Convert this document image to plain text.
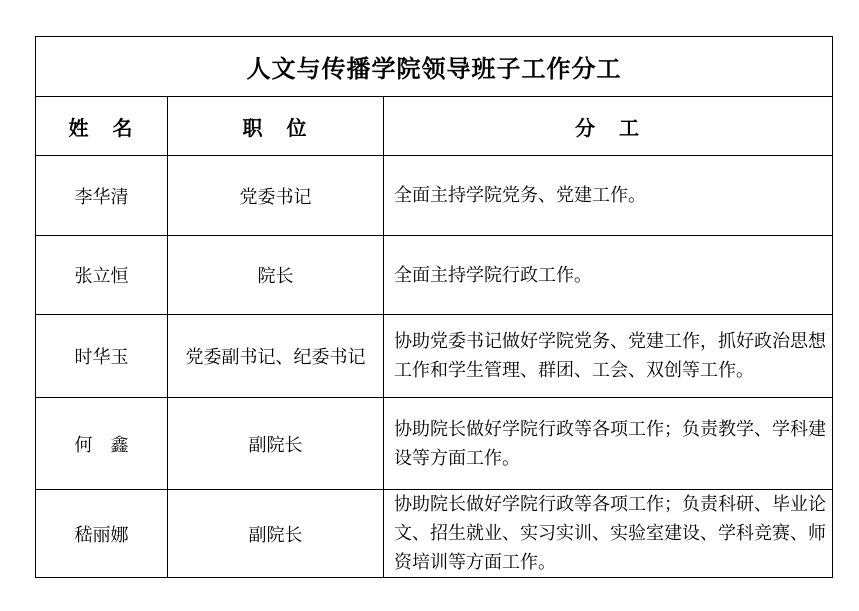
人文与传播学院领导班子工作分工		
姓　名	职　位	分　工
李华清	党委书记	全面主持学院党务、党建工作。
张立恒	院长	全面主持学院行政工作。
时华玉	党委副书记、纪委书记	协助党委书记做好学院党务、党建工作，抓好政治思想工作和学生管理、群团、工会、双创等工作。
何　鑫	副院长	协助院长做好学院行政等各项工作；负责教学、学科建设等方面工作。
嵇丽娜	副院长	协助院长做好学院行政等各项工作；负责科研、毕业论文、招生就业、实习实训、实验室建设、学科竞赛、师资培训等方面工作。
